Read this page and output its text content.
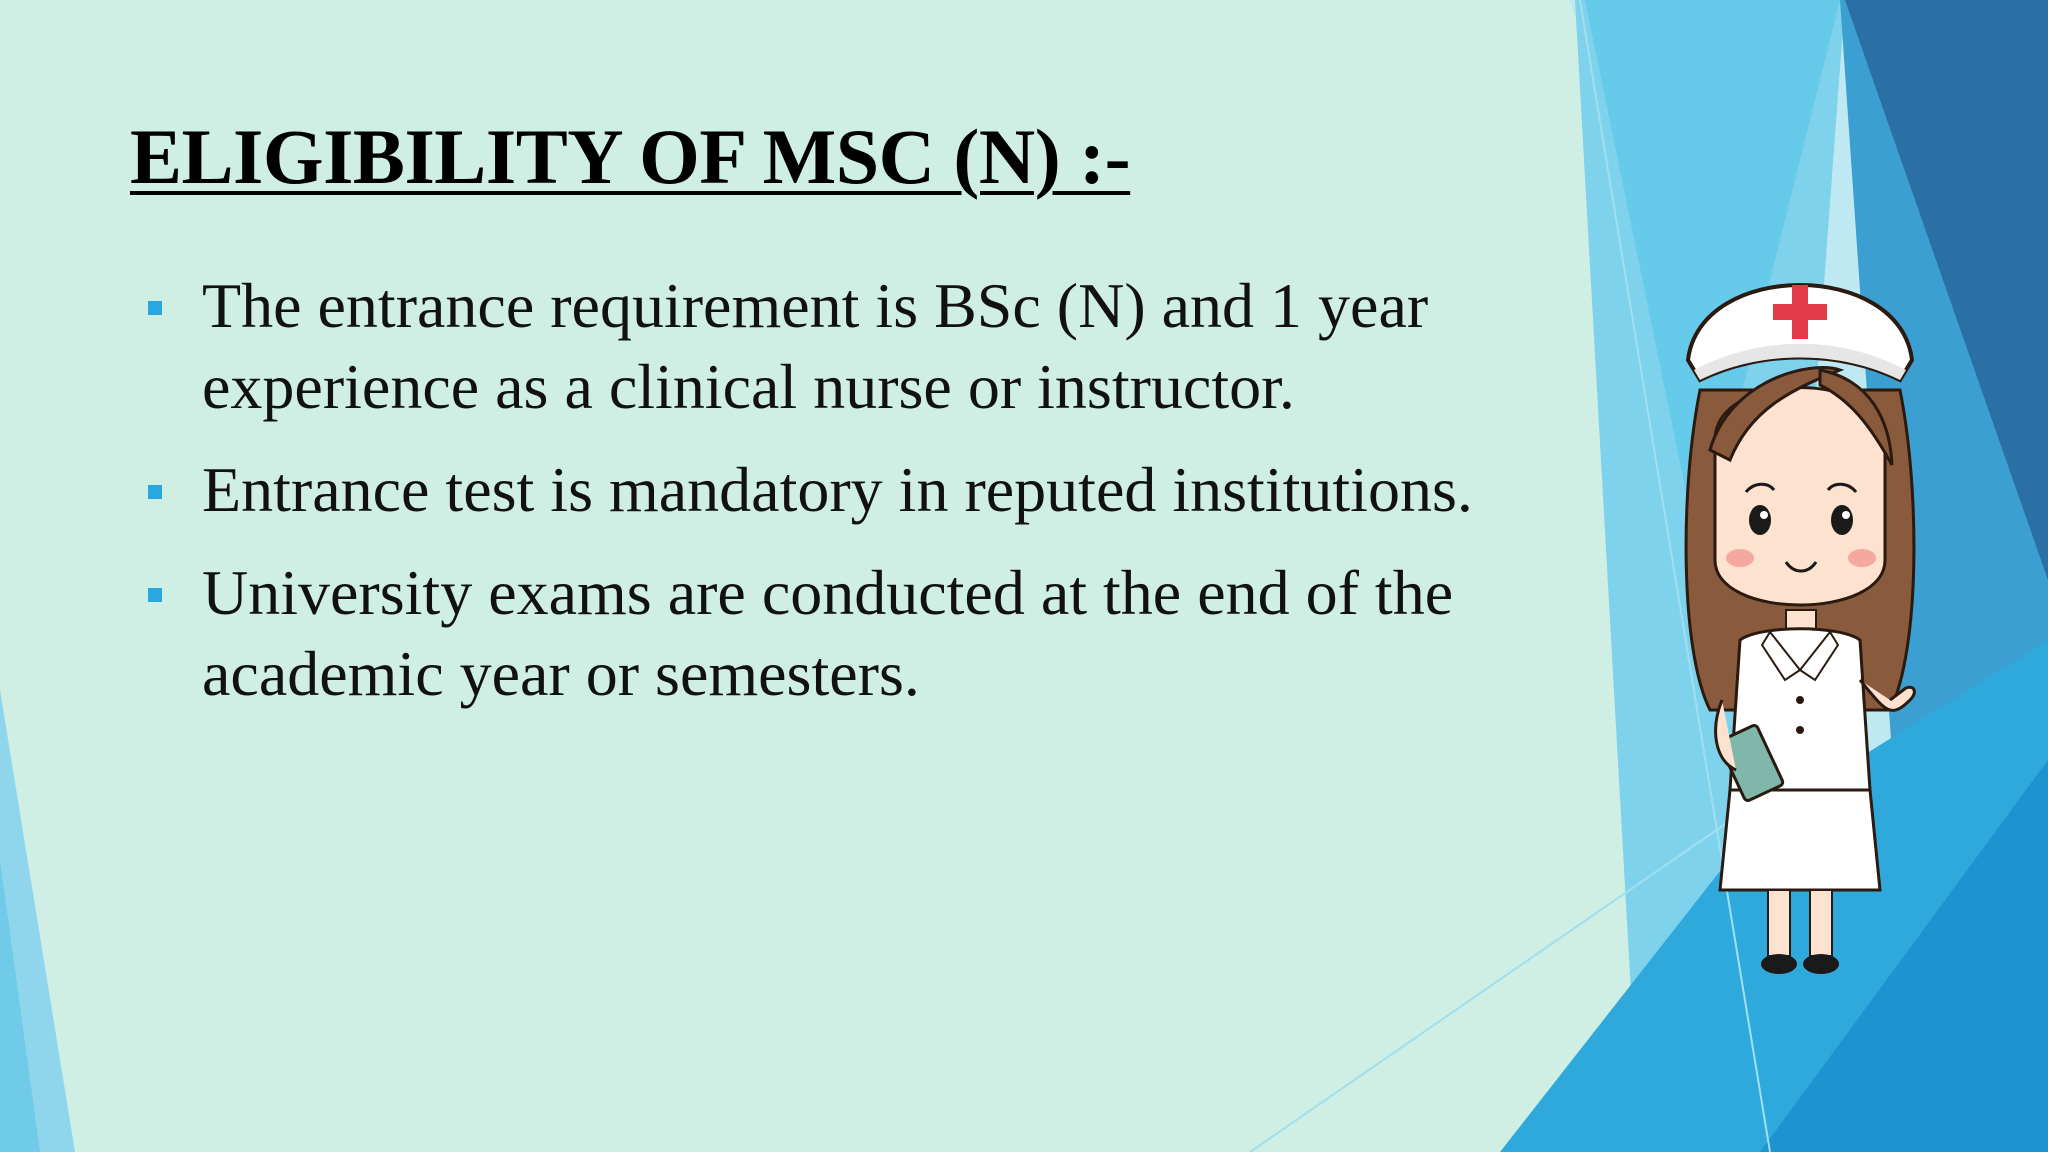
ELIGIBILITY OF MSC (N) :-
The entrance requirement is BSc (N) and 1 year experience as a clinical nurse or instructor.
Entrance test is mandatory in reputed institutions.
University exams are conducted at the end of the academic year or semesters.
